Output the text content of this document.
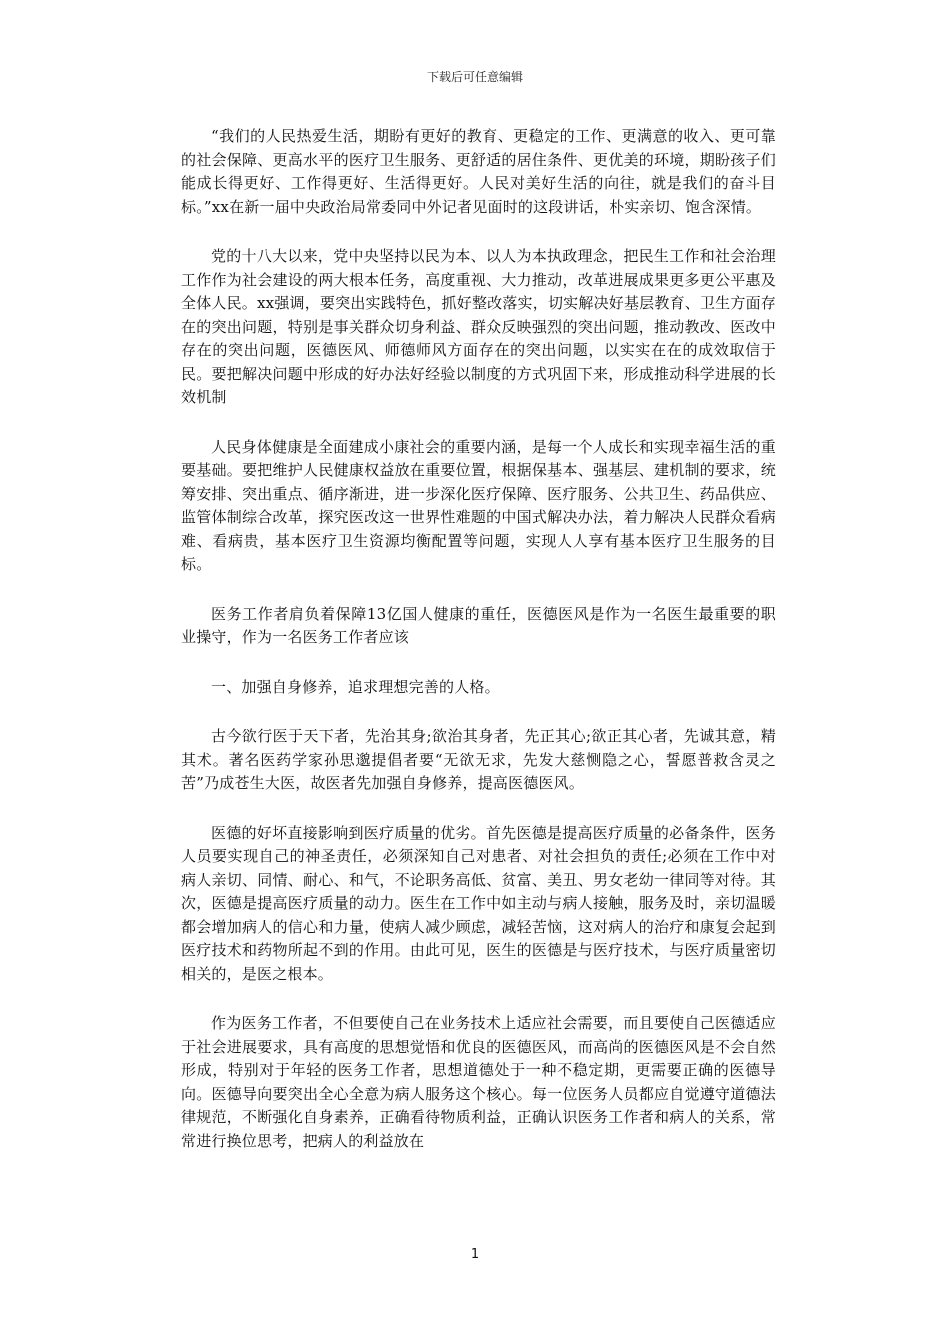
下载后可任意编辑

“我们的人民热爱生活，期盼有更好的教育、更稳定的工作、更满意的收入、更可靠的社会保障、更高水平的医疗卫生服务、更舒适的居住条件、更优美的环境，期盼孩子们能成长得更好、工作得更好、生活得更好。人民对美好生活的向往，就是我们的奋斗目标。”xx在新一届中央政治局常委同中外记者见面时的这段讲话，朴实亲切、饱含深情。

党的十八大以来，党中央坚持以民为本、以人为本执政理念，把民生工作和社会治理工作作为社会建设的两大根本任务，高度重视、大力推动，改革进展成果更多更公平惠及全体人民。xx强调，要突出实践特色，抓好整改落实，切实解决好基层教育、卫生方面存在的突出问题，特别是事关群众切身利益、群众反映强烈的突出问题，推动教改、医改中存在的突出问题，医德医风、师德师风方面存在的突出问题，以实实在在的成效取信于民。要把解决问题中形成的好办法好经验以制度的方式巩固下来，形成推动科学进展的长效机制

人民身体健康是全面建成小康社会的重要内涵，是每一个人成长和实现幸福生活的重要基础。要把维护人民健康权益放在重要位置，根据保基本、强基层、建机制的要求，统筹安排、突出重点、循序渐进，进一步深化医疗保障、医疗服务、公共卫生、药品供应、监管体制综合改革，探究医改这一世界性难题的中国式解决办法，着力解决人民群众看病难、看病贵，基本医疗卫生资源均衡配置等问题，实现人人享有基本医疗卫生服务的目标。

医务工作者肩负着保障13亿国人健康的重任，医德医风是作为一名医生最重要的职业操守，作为一名医务工作者应该

一、加强自身修养，追求理想完善的人格。

古今欲行医于天下者，先治其身;欲治其身者，先正其心;欲正其心者，先诚其意，精其术。著名医药学家孙思邈提倡者要“无欲无求，先发大慈恻隐之心，誓愿普救含灵之苦”乃成苍生大医，故医者先加强自身修养，提高医德医风。

医德的好坏直接影响到医疗质量的优劣。首先医德是提高医疗质量的必备条件，医务人员要实现自己的神圣责任，必须深知自己对患者、对社会担负的责任;必须在工作中对病人亲切、同情、耐心、和气，不论职务高低、贫富、美丑、男女老幼一律同等对待。其次，医德是提高医疗质量的动力。医生在工作中如主动与病人接触，服务及时，亲切温暖都会增加病人的信心和力量，使病人减少顾虑，减轻苦恼，这对病人的治疗和康复会起到医疗技术和药物所起不到的作用。由此可见，医生的医德是与医疗技术，与医疗质量密切相关的，是医之根本。

作为医务工作者，不但要使自己在业务技术上适应社会需要，而且要使自己医德适应于社会进展要求，具有高度的思想觉悟和优良的医德医风，而高尚的医德医风是不会自然形成，特别对于年轻的医务工作者，思想道德处于一种不稳定期，更需要正确的医德导向。医德导向要突出全心全意为病人服务这个核心。每一位医务人员都应自觉遵守道德法律规范，不断强化自身素养，正确看待物质利益，正确认识医务工作者和病人的关系，常常进行换位思考，把病人的利益放在

1
